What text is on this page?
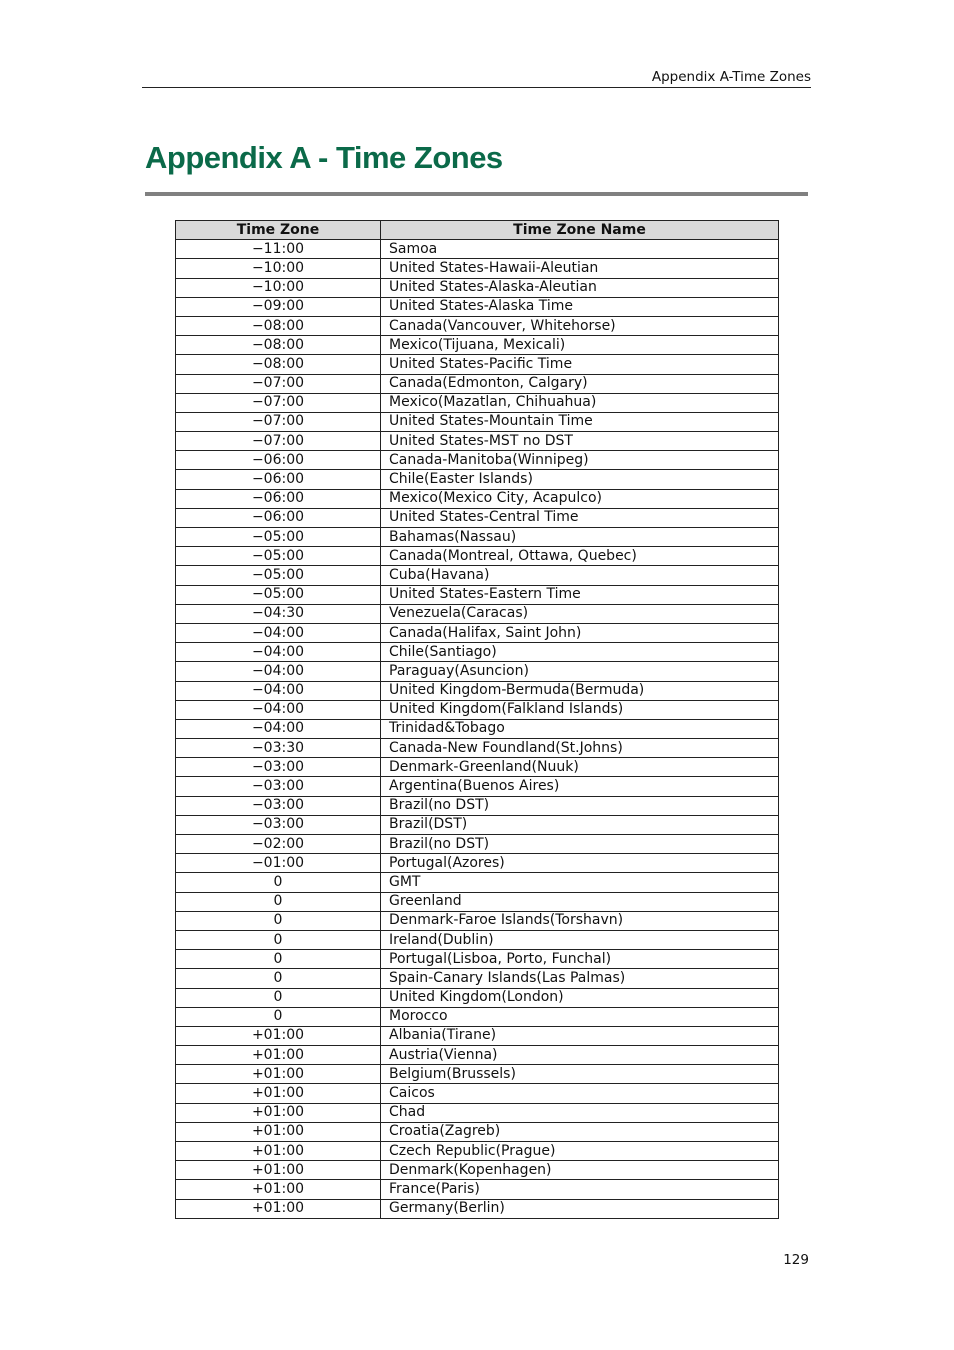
Appendix A-Time Zones
Appendix A - Time Zones
Time Zone	Time Zone Name
−11:00	Samoa
−10:00	United States-Hawaii-Aleutian
−10:00	United States-Alaska-Aleutian
−09:00	United States-Alaska Time
−08:00	Canada(Vancouver, Whitehorse)
−08:00	Mexico(Tijuana, Mexicali)
−08:00	United States-Pacific Time
−07:00	Canada(Edmonton, Calgary)
−07:00	Mexico(Mazatlan, Chihuahua)
−07:00	United States-Mountain Time
−07:00	United States-MST no DST
−06:00	Canada-Manitoba(Winnipeg)
−06:00	Chile(Easter Islands)
−06:00	Mexico(Mexico City, Acapulco)
−06:00	United States-Central Time
−05:00	Bahamas(Nassau)
−05:00	Canada(Montreal, Ottawa, Quebec)
−05:00	Cuba(Havana)
−05:00	United States-Eastern Time
−04:30	Venezuela(Caracas)
−04:00	Canada(Halifax, Saint John)
−04:00	Chile(Santiago)
−04:00	Paraguay(Asuncion)
−04:00	United Kingdom-Bermuda(Bermuda)
−04:00	United Kingdom(Falkland Islands)
−04:00	Trinidad&Tobago
−03:30	Canada-New Foundland(St.Johns)
−03:00	Denmark-Greenland(Nuuk)
−03:00	Argentina(Buenos Aires)
−03:00	Brazil(no DST)
−03:00	Brazil(DST)
−02:00	Brazil(no DST)
−01:00	Portugal(Azores)
0	GMT
0	Greenland
0	Denmark-Faroe Islands(Torshavn)
0	Ireland(Dublin)
0	Portugal(Lisboa, Porto, Funchal)
0	Spain-Canary Islands(Las Palmas)
0	United Kingdom(London)
0	Morocco
+01:00	Albania(Tirane)
+01:00	Austria(Vienna)
+01:00	Belgium(Brussels)
+01:00	Caicos
+01:00	Chad
+01:00	Croatia(Zagreb)
+01:00	Czech Republic(Prague)
+01:00	Denmark(Kopenhagen)
+01:00	France(Paris)
+01:00	Germany(Berlin)
129
